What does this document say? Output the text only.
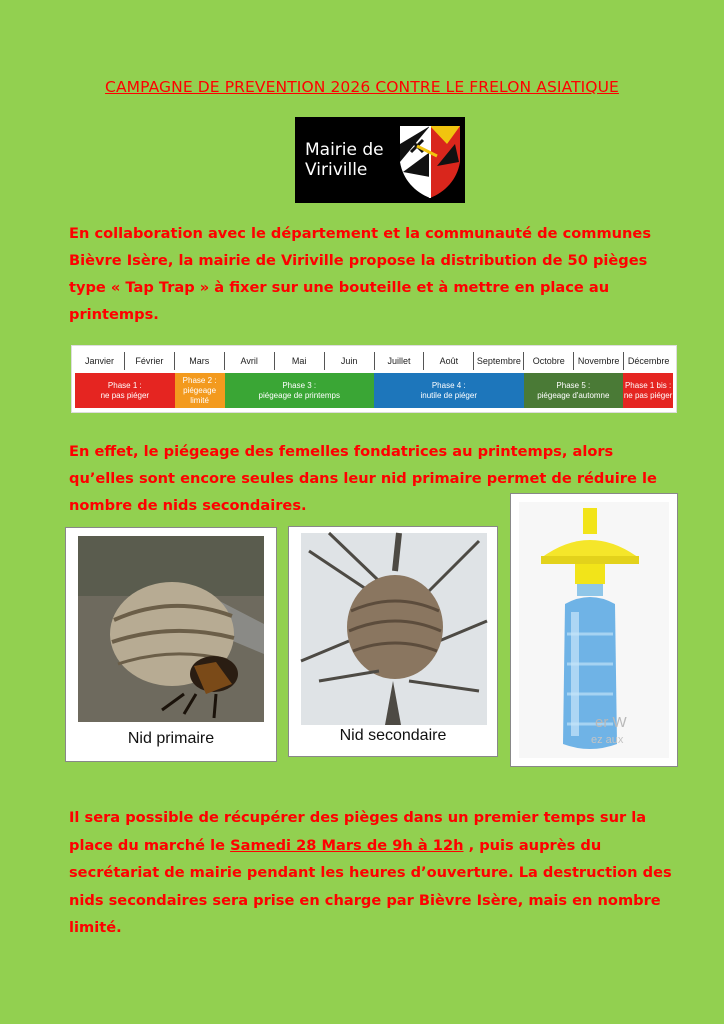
CAMPAGNE DE PREVENTION 2026 CONTRE LE FRELON ASIATIQUE
Mairie de
Viriville
En collaboration avec le département et la communauté de communes Bièvre Isère, la mairie de Viriville propose la distribution de 50 pièges type « Tap Trap » à fixer sur une bouteille et à mettre en place au printemps.
Janvier	Février	Mars	Avril	Mai	Juin	Juillet	Août	Septembre	Octobre	Novembre Décembre
Phase 1 :
ne pas piéger
Phase 2 :
piégeage limité
Phase 3 :
piégeage de printemps
Phase 4 :
inutile de piéger
Phase 5 :
piégeage d'automne
Phase 1 bis :
ne pas piéger
En effet, le piégeage des femelles fondatrices au printemps, alors qu’elles sont encore seules dans leur nid primaire permet de réduire le nombre de nids secondaires.
Nid primaire	Nid secondaire
er W
ez aux
Il sera possible de récupérer des pièges dans un premier temps sur la place du marché le Samedi 28 Mars de 9h à 12h , puis auprès du secrétariat de mairie pendant les heures d’ouverture. La destruction des nids secondaires sera prise en charge par Bièvre Isère, mais en nombre limité.
